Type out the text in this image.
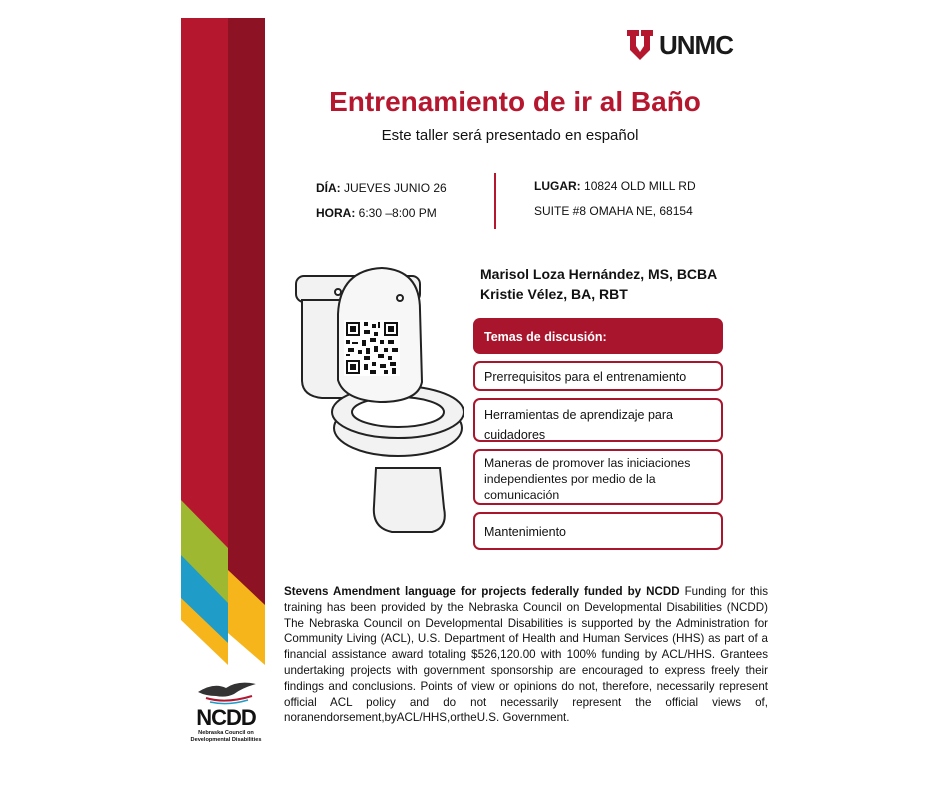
UNMC
Entrenamiento de ir al Baño
Este taller será presentado en español
DÍA: JUEVES JUNIO 26
HORA: 6:30 –8:00 PM
LUGAR: 10824 OLD MILL RD
SUITE #8 OMAHA NE, 68154
Marisol Loza Hernández, MS, BCBA
Kristie Vélez, BA, RBT
Temas de discusión:
Prerrequisitos para el entrenamiento
Herramientas de aprendizaje para cuidadores
Maneras de promover las iniciaciones independientes por medio de la comunicación
Mantenimiento
Stevens Amendment language for projects federally funded by NCDD Funding for this training has been provided by the Nebraska Council on Developmental Disabilities (NCDD) The Nebraska Council on Developmental Disabilities is supported by the Administration for Community Living (ACL), U.S. Department of Health and Human Services (HHS) as part of a financial assistance award totaling $526,120.00 with 100% funding by ACL/HHS. Grantees undertaking projects with government sponsorship are encouraged to express freely their findings and conclusions. Points of view or opinions do not, therefore, necessarily represent official ACL policy and do not necessarily represent the official views of, noranendorsement,byACL/HHS,ortheU.S. Government.
NCDD
Nebraska Council on
Developmental Disabilities
